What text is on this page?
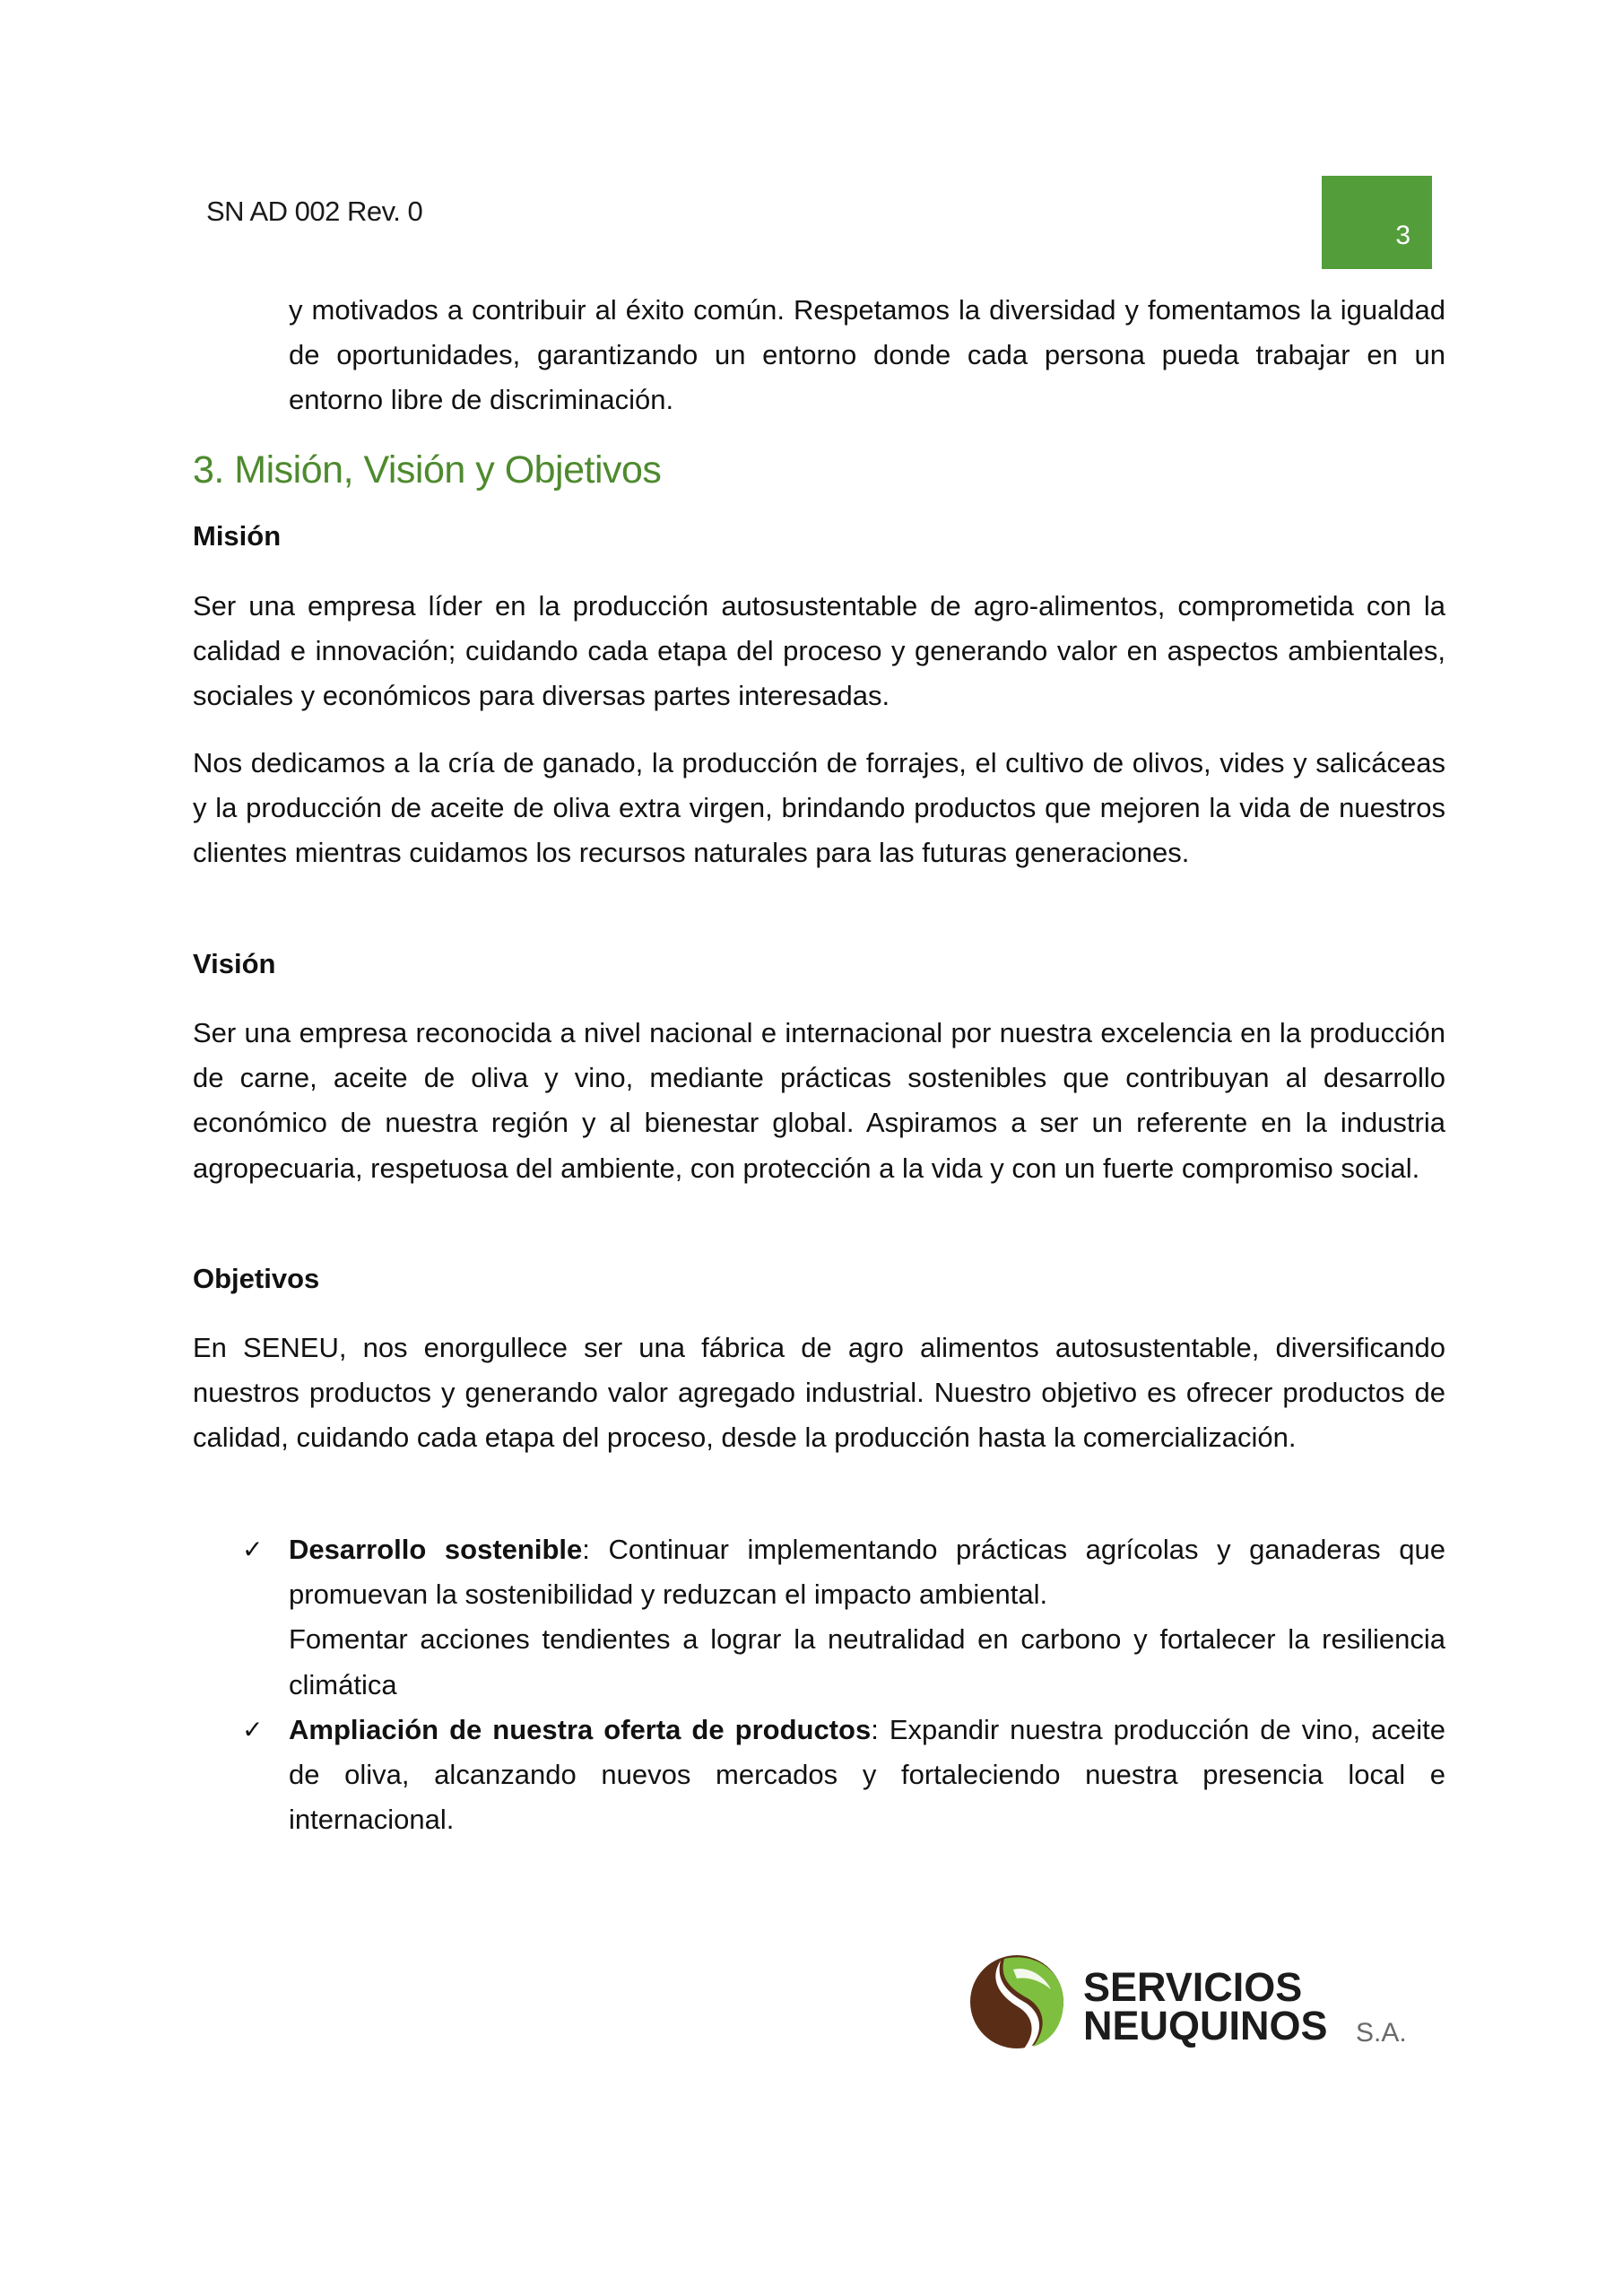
SN AD 002 Rev. 0
3
y motivados a contribuir al éxito común. Respetamos la diversidad y fomentamos la igualdad de oportunidades, garantizando un entorno donde cada persona pueda trabajar en un entorno libre de discriminación.
3. Misión, Visión y Objetivos
Misión
Ser una empresa líder en la producción autosustentable de agro-alimentos, comprometida con la calidad e innovación; cuidando cada etapa del proceso y generando valor en aspectos ambientales, sociales y económicos para diversas partes interesadas.
Nos dedicamos a la cría de ganado, la producción de forrajes, el cultivo de olivos, vides y salicáceas y la producción de aceite de oliva extra virgen, brindando productos que mejoren la vida de nuestros clientes mientras cuidamos los recursos naturales para las futuras generaciones.
Visión
Ser una empresa reconocida a nivel nacional e internacional por nuestra excelencia en la producción de carne, aceite de oliva y vino, mediante prácticas sostenibles que contribuyan al desarrollo económico de nuestra región y al bienestar global. Aspiramos a ser un referente en la industria agropecuaria, respetuosa del ambiente, con protección a la vida y con un fuerte compromiso social.
Objetivos
En SENEU, nos enorgullece ser una fábrica de agro alimentos autosustentable, diversificando nuestros productos y generando valor agregado industrial. Nuestro objetivo es ofrecer productos de calidad, cuidando cada etapa del proceso, desde la producción hasta la comercialización.
✓ Desarrollo sostenible: Continuar implementando prácticas agrícolas y ganaderas que promuevan la sostenibilidad y reduzcan el impacto ambiental.
Fomentar acciones tendientes a lograr la neutralidad en carbono y fortalecer la resiliencia climática
✓ Ampliación de nuestra oferta de productos: Expandir nuestra producción de vino, aceite de oliva, alcanzando nuevos mercados y fortaleciendo nuestra presencia local e internacional.
SERVICIOS
NEUQUINOS S.A.
